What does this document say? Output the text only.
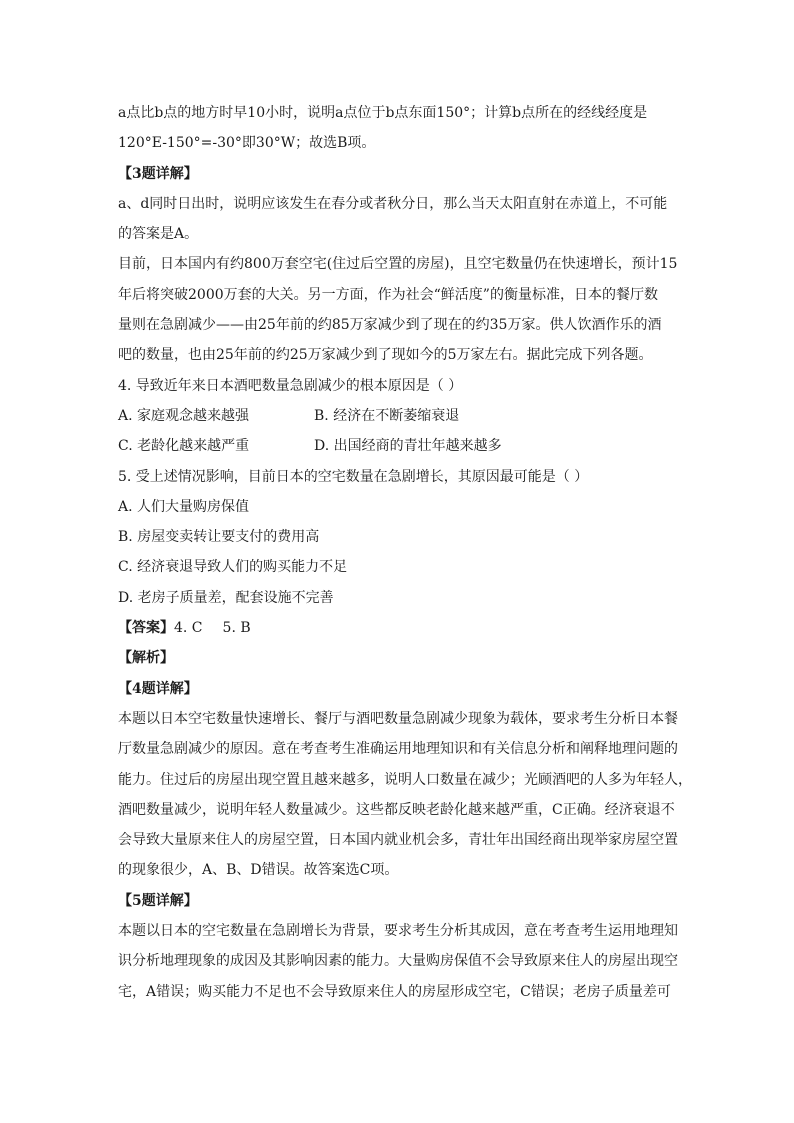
a点比b点的地方时早10小时，说明a点位于b点东面150°；计算b点所在的经线经度是

120°E-150°=-30°即30°W；故选B项。

【3题详解】

a、d同时日出时，说明应该发生在春分或者秋分日，那么当天太阳直射在赤道上，不可能

的答案是A。

目前，日本国内有约800万套空宅(住过后空置的房屋)，且空宅数量仍在快速增长，预计15

年后将突破2000万套的大关。另一方面，作为社会“鲜活度”的衡量标准，日本的餐厅数

量则在急剧减少——由25年前的约85万家减少到了现在的约35万家。供人饮酒作乐的酒

吧的数量，也由25年前的约25万家减少到了现如今的5万家左右。据此完成下列各题。

4. 导致近年来日本酒吧数量急剧减少的根本原因是（ ）

A. 家庭观念越来越强	B. 经济在不断萎缩衰退

C. 老龄化越来越严重	D. 出国经商的青壮年越来越多

5. 受上述情况影响，目前日本的空宅数量在急剧增长，其原因最可能是（ ）

A. 人们大量购房保值

B. 房屋变卖转让要支付的费用高

C. 经济衰退导致人们的购买能力不足

D. 老房子质量差，配套设施不完善

【答案】4. C 5. B

【解析】

【4题详解】

本题以日本空宅数量快速增长、餐厅与酒吧数量急剧减少现象为载体，要求考生分析日本餐

厅数量急剧减少的原因。意在考查考生准确运用地理知识和有关信息分析和阐释地理问题的

能力。住过后的房屋出现空置且越来越多，说明人口数量在减少；光顾酒吧的人多为年轻人，

酒吧数量减少，说明年轻人数量减少。这些都反映老龄化越来越严重，C正确。经济衰退不

会导致大量原来住人的房屋空置，日本国内就业机会多，青壮年出国经商出现举家房屋空置

的现象很少，A、B、D错误。故答案选C项。

【5题详解】

本题以日本的空宅数量在急剧增长为背景，要求考生分析其成因，意在考查考生运用地理知

识分析地理现象的成因及其影响因素的能力。大量购房保值不会导致原来住人的房屋出现空

宅，A错误；购买能力不足也不会导致原来住人的房屋形成空宅，C错误；老房子质量差可
